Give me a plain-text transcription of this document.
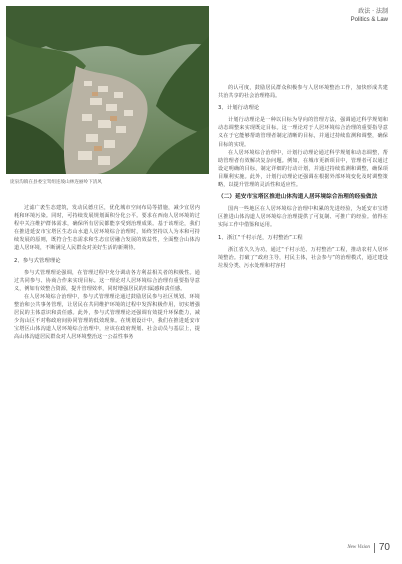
政法 · 法制
Politics & Law
庞泉沟镇在县委宝驾组连坡山林连丽岭下清风

过滤广袤生态建筑，发动民德庄区，优化城市空间布局等措施，减少宜居内耗和环境污染。同时，可持续发展规划面积分化公平。要求在西南人居环境的过程中关注维护群体需求，确保所有居民都能享受到治理成果。基于该理论，我们在推进延安市宝塔区生态山水道人居环境综合治理时，始终坚持以人为本和可持续发展的原则，既符合生态需求和生态宜居融合发展的效益性，全面整合山体沟道人居环境，不断满足人民群众对美好生活的新期待。

2、参与式管理理论

参与式管理理论强调，在管理过程中充分调动各方利益相关者的积极性。通过共同参与、协商合作来实现目标。这一理论对人居环境综合治理有重要指导意义，例如有效整合资源，提升管理效率，同时增强居民的归属感和责任感。

在人居环境综合治理中，参与式管理理论通过鼓励居民参与社区规划、环境整治和公共事务管理，让居民在共同维护环境的过程中发挥积极作用，切实增强居民的主体意识和责任感。此外，参与式管理理论还强调有效提升环保能力，减少沟山区不对称政府间协同管理的低效现象。在规划设计中，我们在推进延安市宝塔区山体沟道人居环境综合治理中，应该在政府规划、社会动员与基层上，提高山体沟道居民群众对人居环境整治这一公益性事务

的认可度，鼓励居民群众积极参与人居环境整治工作，加快形成共建共治共享的社会治理格局。

3、计划行动理论

计划行动理论是一种以目标为导向的管理方法，强调通过科学规划和动态调整来实现既定目标。这一理论对于人居环境综合治理的重要指导意义在于它能够帮助管理者制定清晰的目标，并通过持续监测和调整，确保目标的实现。

在人居环境综合治理中，计划行动理论通过科学规划和动态调整，帮助管理者有效解决复杂问题。例如，在城市更新项目中，管理者可以通过设定明确的目标，制定详细的行动计划，并通过持续监测和调整，确保项目顺利实施。此外，计划行动理论还强调在根据外部环境变化及时调整策略，以提升管理的灵活性和适应性。

（二）延安市宝塔区推进山体沟道人居环境综合治理的经验做法

国内一些地区在人居环境综合治理中积累的先进经验，为延安市宝塔区推进山体沟道人居环境综合治理提供了可复制、可推广的经验。值得在实际工作中借鉴和运用。

1、浙江“千村示范，万村整治”工程

浙江省久久为功，通过“千村示范、万村整治”工程，推动农村人居环境整治。打破了“政府主导，村民主体，社会参与”的治理模式，通过建设垃圾分类、污水处理和村容村

New Vision 70
